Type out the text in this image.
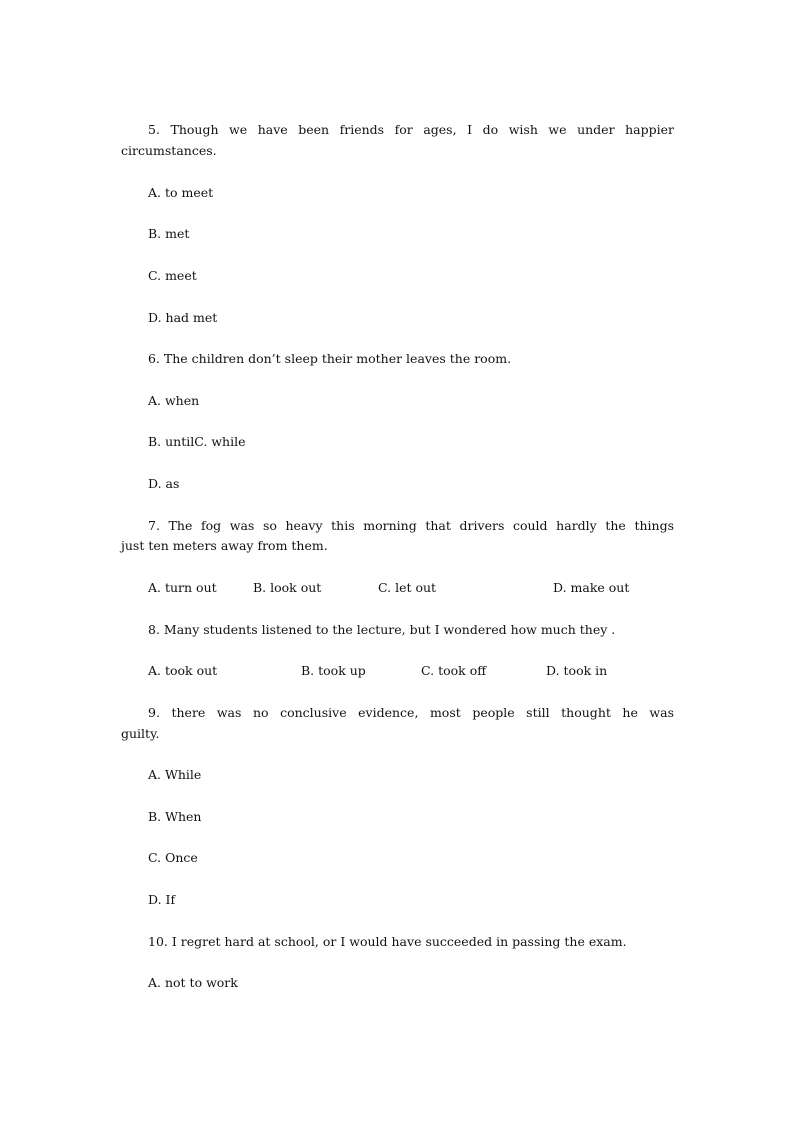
5.  Though  we  have  been  friends  for  ages,  I  do  wish  we  under  happier
circumstances.
A. to meet
B. met
C. meet
D. had met
6. The children don’t sleep their mother leaves the room.
A. when
B. untilC. while
D. as
7. The fog was so heavy this morning that drivers could hardly the things
just ten meters away from them.
A. turn out	B. look out	C. let out	D. make out
8. Many students listened to the lecture, but I wondered how much they .
A. took out	B. took up	C. took off	D. took in
9.  there  was  no  conclusive  evidence,  most  people  still  thought  he  was
guilty.
A. While
B. When
C. Once
D. If
10. I regret hard at school, or I would have succeeded in passing the exam.
A. not to work
